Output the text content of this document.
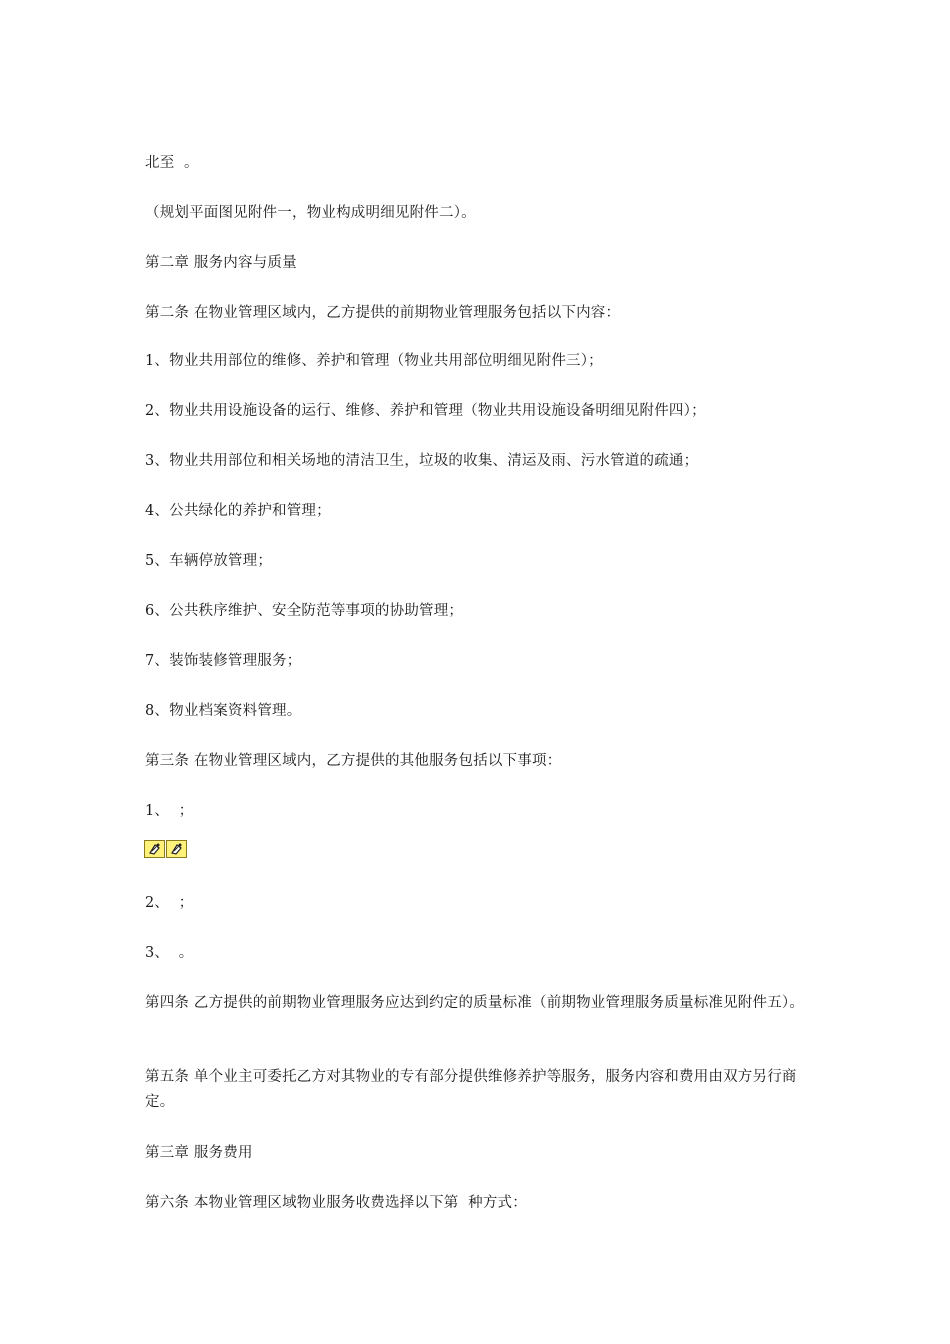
北至  。
（规划平面图见附件一，物业构成明细见附件二）。
第二章 服务内容与质量
第二条 在物业管理区域内，乙方提供的前期物业管理服务包括以下内容：
1、物业共用部位的维修、养护和管理（物业共用部位明细见附件三）；
2、物业共用设施设备的运行、维修、养护和管理（物业共用设施设备明细见附件四）；
3、物业共用部位和相关场地的清洁卫生，垃圾的收集、清运及雨、污水管道的疏通；
4、公共绿化的养护和管理；
5、车辆停放管理；
6、公共秩序维护、安全防范等事项的协助管理；
7、装饰装修管理服务；
8、物业档案资料管理。
第三条 在物业管理区域内，乙方提供的其他服务包括以下事项：
1、  ；
2、  ；
3、  。
第四条 乙方提供的前期物业管理服务应达到约定的质量标准（前期物业管理服务质量标准见附件五）。
第五条 单个业主可委托乙方对其物业的专有部分提供维修养护等服务，服务内容和费用由双方另行商定。
第三章 服务费用
第六条 本物业管理区域物业服务收费选择以下第  种方式：
